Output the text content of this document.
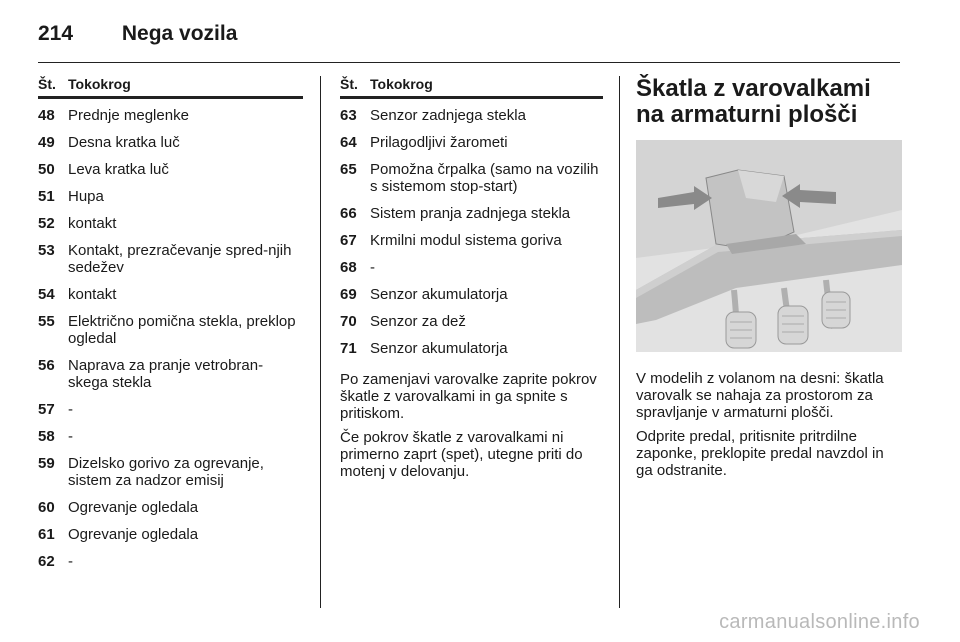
214 Nega vozila
Št. Tokokrog
48 Prednje meglenke
49 Desna kratka luč
50 Leva kratka luč
51 Hupa
52 kontakt
53 Kontakt, prezračevanje spred-njih sedežev
54 kontakt
55 Električno pomična stekla, preklop ogledal
56 Naprava za pranje vetrobran-skega stekla
57 -
58 -
59 Dizelsko gorivo za ogrevanje, sistem za nadzor emisij
60 Ogrevanje ogledala
61 Ogrevanje ogledala
62 -
Št. Tokokrog
63 Senzor zadnjega stekla
64 Prilagodljivi žarometi
65 Pomožna črpalka (samo na vozilih s sistemom stop-start)
66 Sistem pranja zadnjega stekla
67 Krmilni modul sistema goriva
68 -
69 Senzor akumulatorja
70 Senzor za dež
71 Senzor akumulatorja

Po zamenjavi varovalke zaprite pokrov škatle z varovalkami in ga spnite s pritiskom.

Če pokrov škatle z varovalkami ni primerno zaprt (spet), utegne priti do motenj v delovanju.

Škatla z varovalkami na armaturni plošči

V modelih z volanom na desni: škatla varovalk se nahaja za prostorom za spravljanje v armaturni plošči.

Odprite predal, pritisnite pritrdilne zaponke, preklopite predal navzdol in ga odstranite.

carmanualsonline.info
